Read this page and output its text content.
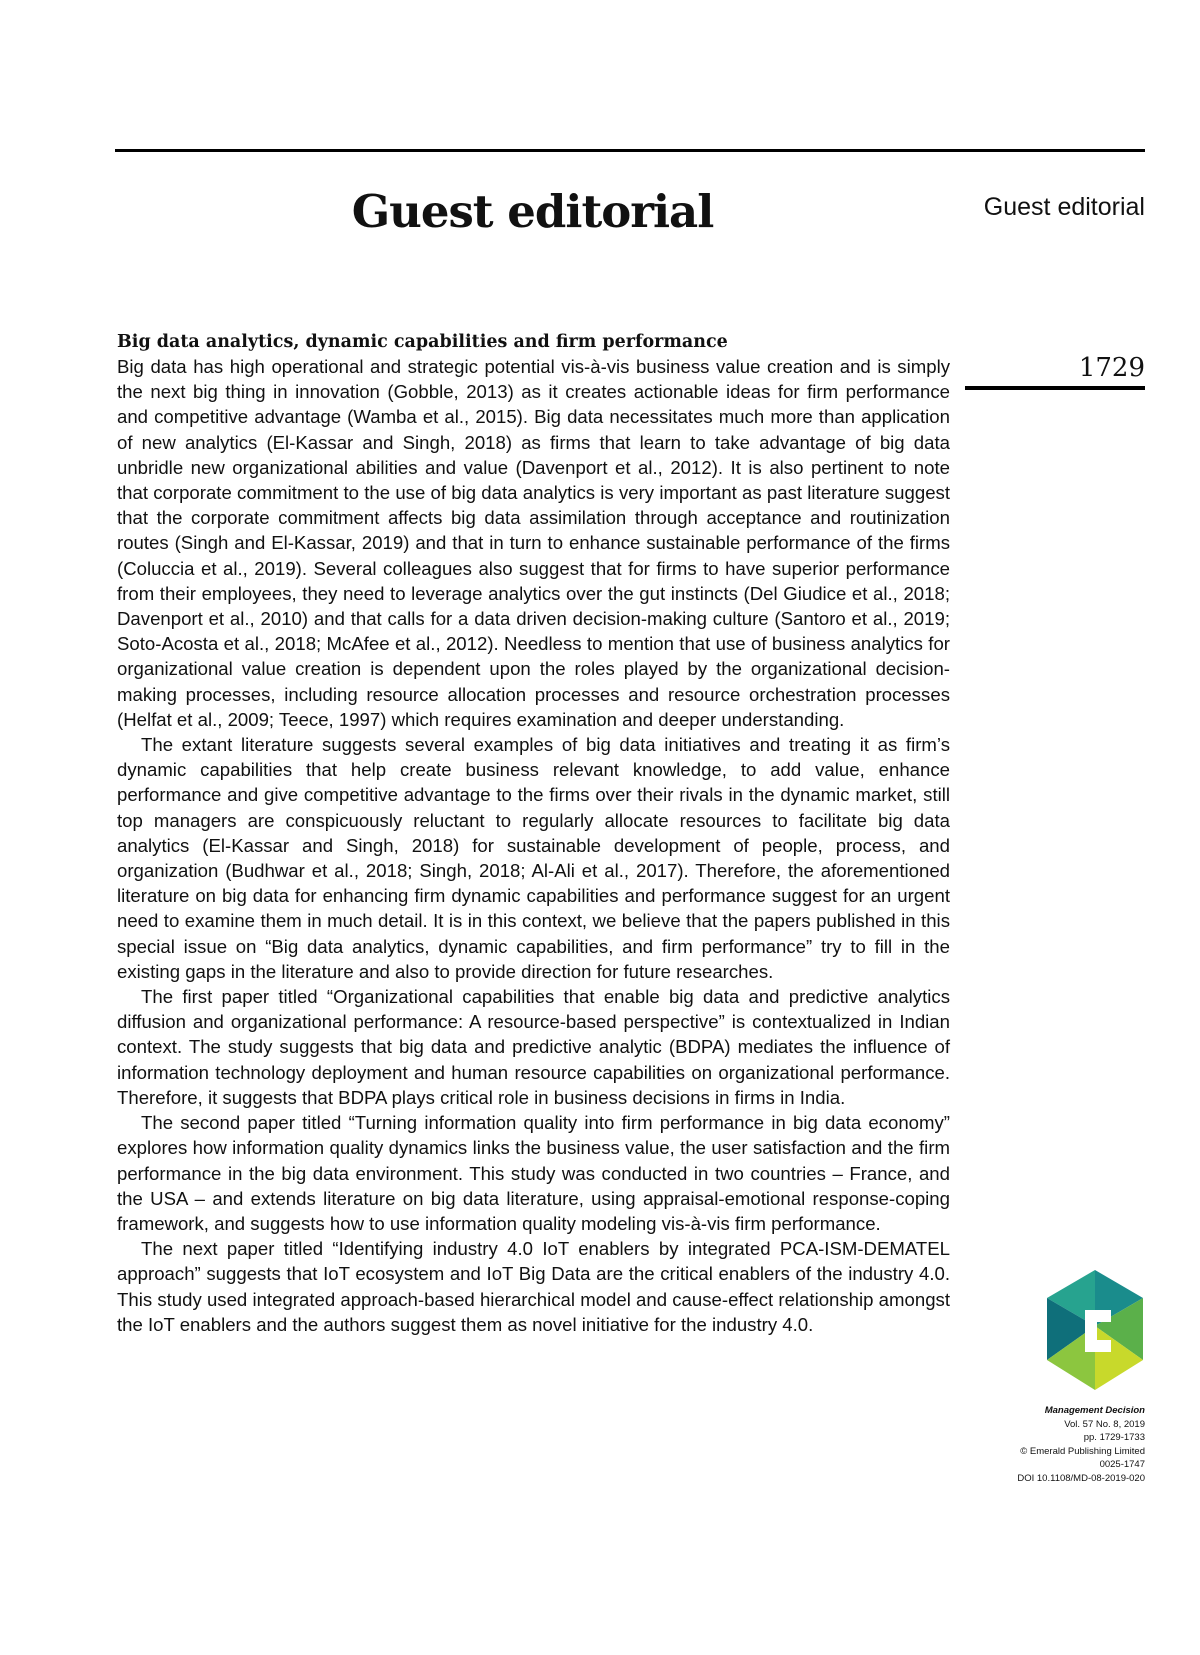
Guest editorial	Guest editorial
1729
Big data analytics, dynamic capabilities and firm performance

Big data has high operational and strategic potential vis-à-vis business value creation and is simply the next big thing in innovation (Gobble, 2013) as it creates actionable ideas for firm performance and competitive advantage (Wamba et al., 2015). Big data necessitates much more than application of new analytics (El-Kassar and Singh, 2018) as firms that learn to take advantage of big data unbridle new organizational abilities and value (Davenport et al., 2012). It is also pertinent to note that corporate commitment to the use of big data analytics is very important as past literature suggest that the corporate commitment affects big data assimilation through acceptance and routinization routes (Singh and El-Kassar, 2019) and that in turn to enhance sustainable performance of the firms (Coluccia et al., 2019). Several colleagues also suggest that for firms to have superior performance from their employees, they need to leverage analytics over the gut instincts (Del Giudice et al., 2018; Davenport et al., 2010) and that calls for a data driven decision-making culture (Santoro et al., 2019; Soto-Acosta et al., 2018; McAfee et al., 2012). Needless to mention that use of business analytics for organizational value creation is dependent upon the roles played by the organizational decision-making processes, including resource allocation processes and resource orchestration processes (Helfat et al., 2009; Teece, 1997) which requires examination and deeper understanding.

The extant literature suggests several examples of big data initiatives and treating it as firm’s dynamic capabilities that help create business relevant knowledge, to add value, enhance performance and give competitive advantage to the firms over their rivals in the dynamic market, still top managers are conspicuously reluctant to regularly allocate resources to facilitate big data analytics (El-Kassar and Singh, 2018) for sustainable development of people, process, and organization (Budhwar et al., 2018; Singh, 2018; Al-Ali et al., 2017). Therefore, the aforementioned literature on big data for enhancing firm dynamic capabilities and performance suggest for an urgent need to examine them in much detail. It is in this context, we believe that the papers published in this special issue on “Big data analytics, dynamic capabilities, and firm performance” try to fill in the existing gaps in the literature and also to provide direction for future researches.

The first paper titled “Organizational capabilities that enable big data and predictive analytics diffusion and organizational performance: A resource-based perspective” is contextualized in Indian context. The study suggests that big data and predictive analytic (BDPA) mediates the influence of information technology deployment and human resource capabilities on organizational performance. Therefore, it suggests that BDPA plays critical role in business decisions in firms in India.

The second paper titled “Turning information quality into firm performance in big data economy” explores how information quality dynamics links the business value, the user satisfaction and the firm performance in the big data environment. This study was conducted in two countries – France, and the USA – and extends literature on big data literature, using appraisal-emotional response-coping framework, and suggests how to use information quality modeling vis-à-vis firm performance.

The next paper titled “Identifying industry 4.0 IoT enablers by integrated PCA-ISM-DEMATEL approach” suggests that IoT ecosystem and IoT Big Data are the critical enablers of the industry 4.0. This study used integrated approach-based hierarchical model and cause-effect relationship amongst the IoT enablers and the authors suggest them as novel initiative for the industry 4.0.

Management Decision
Vol. 57 No. 8, 2019
pp. 1729-1733
© Emerald Publishing Limited
0025-1747
DOI 10.1108/MD-08-2019-020
